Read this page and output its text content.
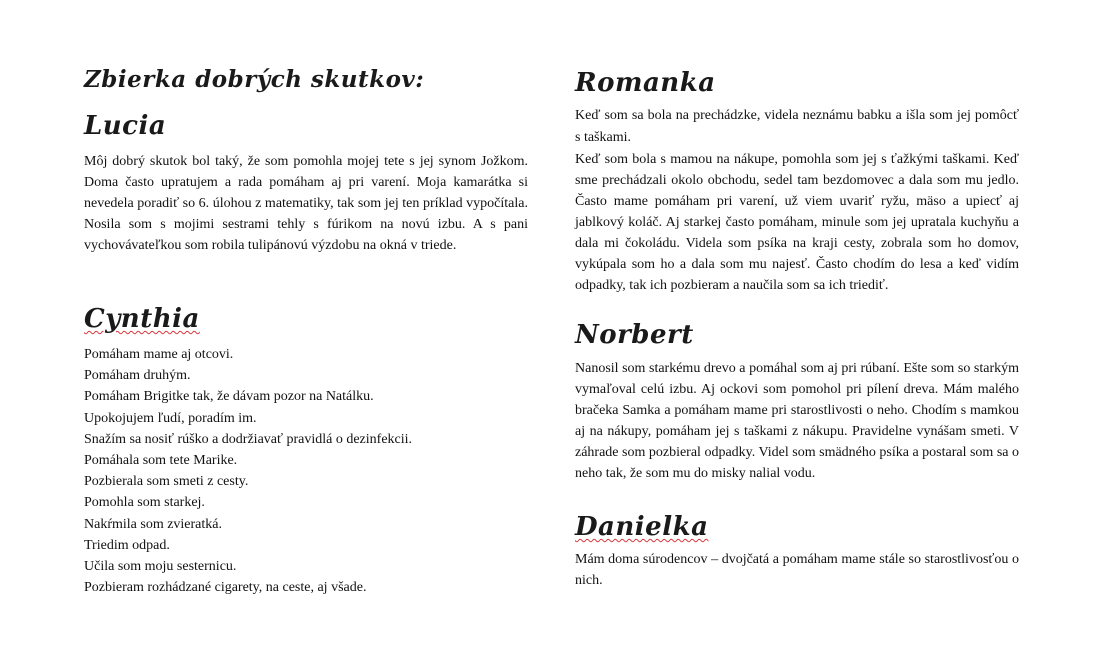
Zbierka dobrých skutkov:
Lucia

Môj dobrý skutok bol taký, že som pomohla mojej tete s jej synom Jožkom. Doma často upratujem a rada pomáham aj pri varení. Moja kamarátka si nevedela poradiť so 6. úlohou z matematiky, tak som jej ten príklad vypočítala. Nosila som s mojimi sestrami tehly s fúrikom na novú izbu. A s pani vychovávateľkou som robila tulipánovú výzdobu na okná v triede.

Cynthia
Pomáham mame aj otcovi.
Pomáham druhým.
Pomáham Brigitke tak, že dávam pozor na Natálku.
Upokojujem ľudí, poradím im.
Snažím sa nosiť rúško a dodržiavať pravidlá o dezinfekcii.
Pomáhala som tete Marike.
Pozbierala som smeti z cesty.
Pomohla som starkej.
Nakŕmila som zvieratká.
Triedim odpad.
Učila som moju sesternicu.
Pozbieram rozhádzané cigarety, na ceste, aj všade.
Romanka

Keď som sa bola na prechádzke, videla neznámu babku a išla som jej pomôcť s taškami.

Keď som bola s mamou na nákupe, pomohla som jej s ťažkými taškami. Keď sme prechádzali okolo obchodu, sedel tam bezdomovec a dala som mu jedlo. Často mame pomáham pri varení, už viem uvariť ryžu, mäso a upiecť aj jablkový koláč. Aj starkej často pomáham, minule som jej upratala kuchyňu a dala mi čokoládu. Videla som psíka na kraji cesty, zobrala som ho domov, vykúpala som ho a dala som mu najesť. Často chodím do lesa a keď vidím odpadky, tak ich pozbieram a naučila som sa ich triediť.

Norbert

Nanosil som starkému drevo a pomáhal som aj pri rúbaní. Ešte som so starkým vymaľoval celú izbu. Aj ockovi som pomohol pri pílení dreva. Mám malého bračeka Samka a pomáham mame pri starostlivosti o neho. Chodím s mamkou aj na nákupy, pomáham jej s taškami z nákupu. Pravidelne vynášam smeti. V záhrade som pozbieral odpadky. Videl som smädného psíka a postaral som sa o neho tak, že som mu do misky nalial vodu.

Danielka

Mám doma súrodencov – dvojčatá a pomáham mame stále so starostlivosťou o nich.
